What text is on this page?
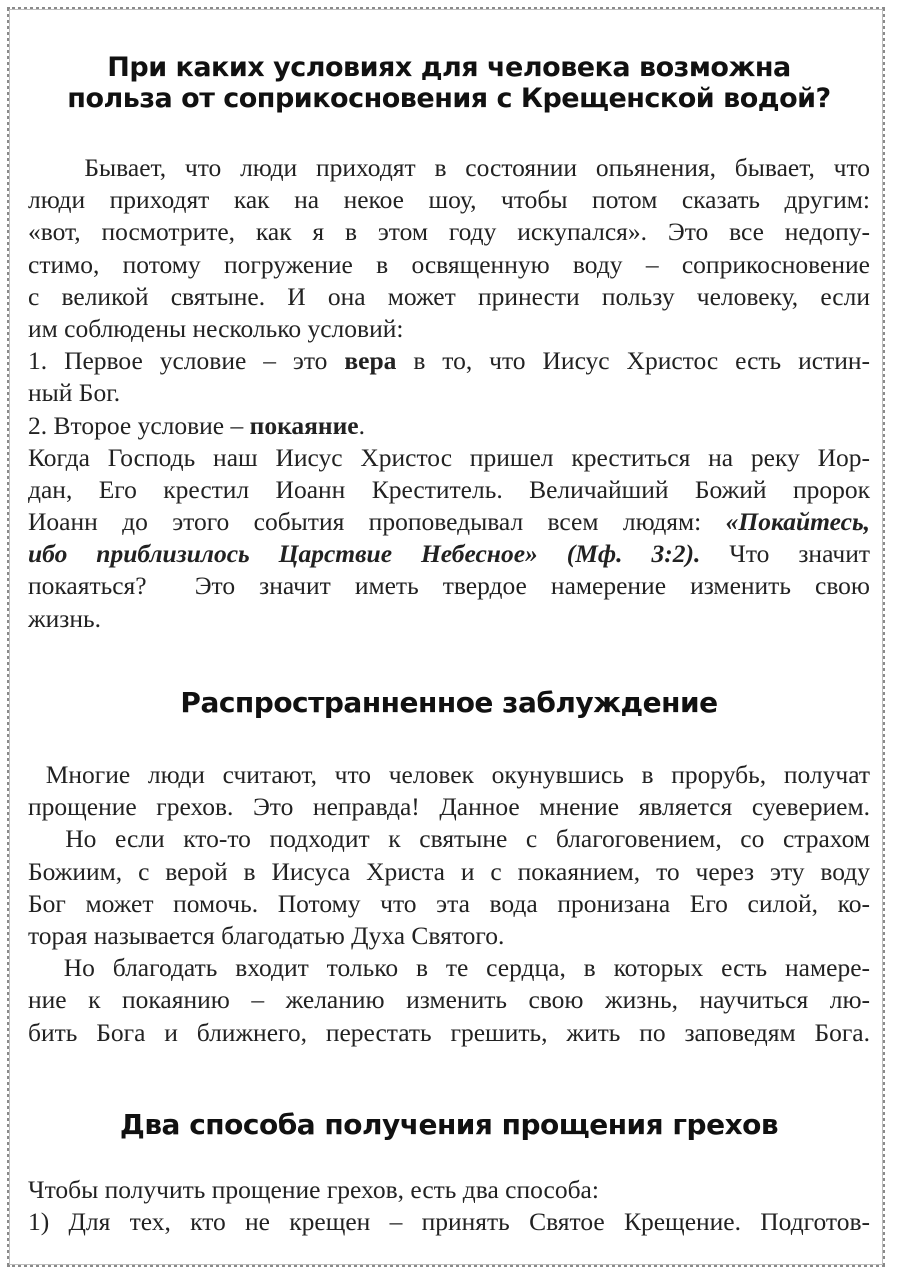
При каких условиях для человека возможна
польза от соприкосновения с Крещенской водой?
Бывает, что люди приходят в состоянии опьянения, бывает, что
люди приходят как на некое шоу, чтобы потом сказать другим:
«вот, посмотрите, как я в этом году искупался». Это все недопу-
стимо, потому погружение в освященную воду – соприкосновение
с великой святыне. И она может принести пользу человеку, если
им соблюдены несколько условий:
1. Первое условие – это вера в то, что Иисус Христос есть истин-
ный Бог.
2. Второе условие – покаяние.
Когда Господь наш Иисус Христос пришел креститься на реку Иор-
дан, Его крестил Иоанн Креститель. Величайший Божий пророк
Иоанн до этого события проповедывал всем людям: «Покайтесь,
ибо приблизилось Царствие Небесное» (Мф. 3:2). Что значит
покаяться?  Это значит иметь твердое намерение изменить свою
жизнь.
Распространненное заблуждение
Многие люди считают, что человек окунувшись в прорубь, получат
прощение грехов. Это неправда! Данное мнение является суеверием.
Но если кто-то подходит к святыне с благоговением, со страхом
Божиим, с верой в Иисуса Христа и с покаянием, то через эту воду
Бог может помочь. Потому что эта вода пронизана Его силой, ко-
торая называется благодатью Духа Святого.
Но благодать входит только в те сердца, в которых есть намере-
ние к покаянию – желанию изменить свою жизнь, научиться лю-
бить Бога и ближнего, перестать грешить, жить по заповедям Бога.
Два способа получения прощения грехов
Чтобы получить прощение грехов, есть два способа:
1) Для тех, кто не крещен – принять Святое Крещение. Подготов-
